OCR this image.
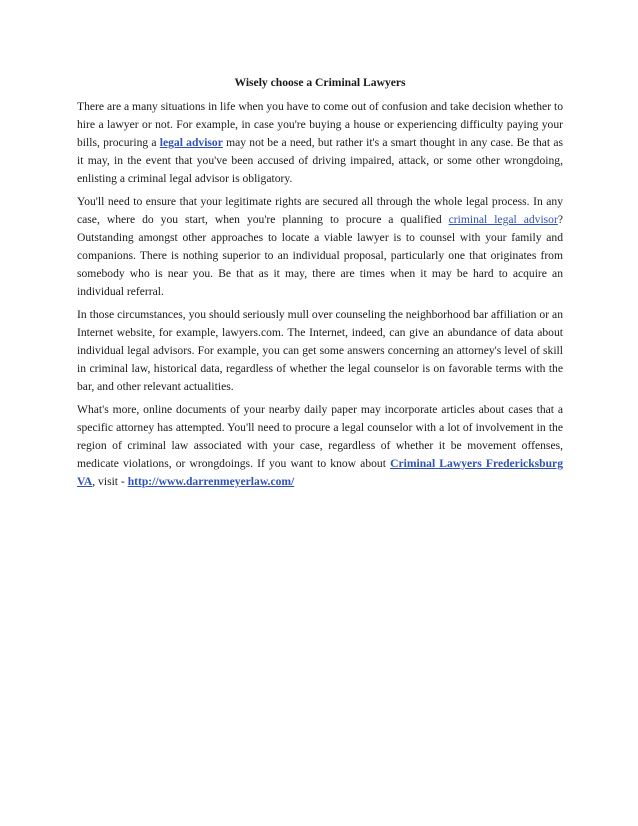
Wisely choose a Criminal Lawyers

There are a many situations in life when you have to come out of confusion and take decision whether to hire a lawyer or not. For example, in case you're buying a house or experiencing difficulty paying your bills, procuring a legal advisor may not be a need, but rather it's a smart thought in any case. Be that as it may, in the event that you've been accused of driving impaired, attack, or some other wrongdoing, enlisting a criminal legal advisor is obligatory.

You'll need to ensure that your legitimate rights are secured all through the whole legal process. In any case, where do you start, when you're planning to procure a qualified criminal legal advisor? Outstanding amongst other approaches to locate a viable lawyer is to counsel with your family and companions. There is nothing superior to an individual proposal, particularly one that originates from somebody who is near you. Be that as it may, there are times when it may be hard to acquire an individual referral.

In those circumstances, you should seriously mull over counseling the neighborhood bar affiliation or an Internet website, for example, lawyers.com. The Internet, indeed, can give an abundance of data about individual legal advisors. For example, you can get some answers concerning an attorney's level of skill in criminal law, historical data, regardless of whether the legal counselor is on favorable terms with the bar, and other relevant actualities.

What's more, online documents of your nearby daily paper may incorporate articles about cases that a specific attorney has attempted. You'll need to procure a legal counselor with a lot of involvement in the region of criminal law associated with your case, regardless of whether it be movement offenses, medicate violations, or wrongdoings. If you want to know about Criminal Lawyers Fredericksburg VA, visit - http://www.darrenmeyerlaw.com/
